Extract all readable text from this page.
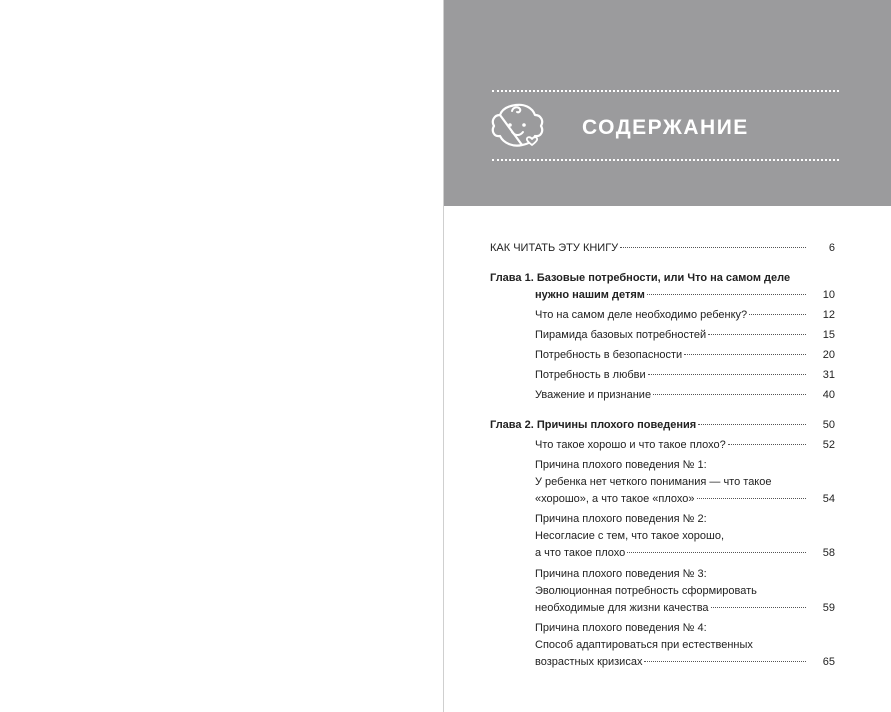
СОДЕРЖАНИЕ
КАК ЧИТАТЬ ЭТУ КНИГУ	6
Глава 1. Базовые потребности, или Что на самом деле
нужно нашим детям	10
Что на самом деле необходимо ребенку?	12
Пирамида базовых потребностей	15
Потребность в безопасности	20
Потребность в любви	31
Уважение и признание	40
Глава 2. Причины плохого поведения	50
Что такое хорошо и что такое плохо?	52
Причина плохого поведения № 1:
У ребенка нет четкого понимания — что такое
«хорошо», а что такое «плохо»	54
Причина плохого поведения № 2:
Несогласие с тем, что такое хорошо,
а что такое плохо	58
Причина плохого поведения № 3:
Эволюционная потребность сформировать
необходимые для жизни качества	59
Причина плохого поведения № 4:
Способ адаптироваться при естественных
возрастных кризисах	65
